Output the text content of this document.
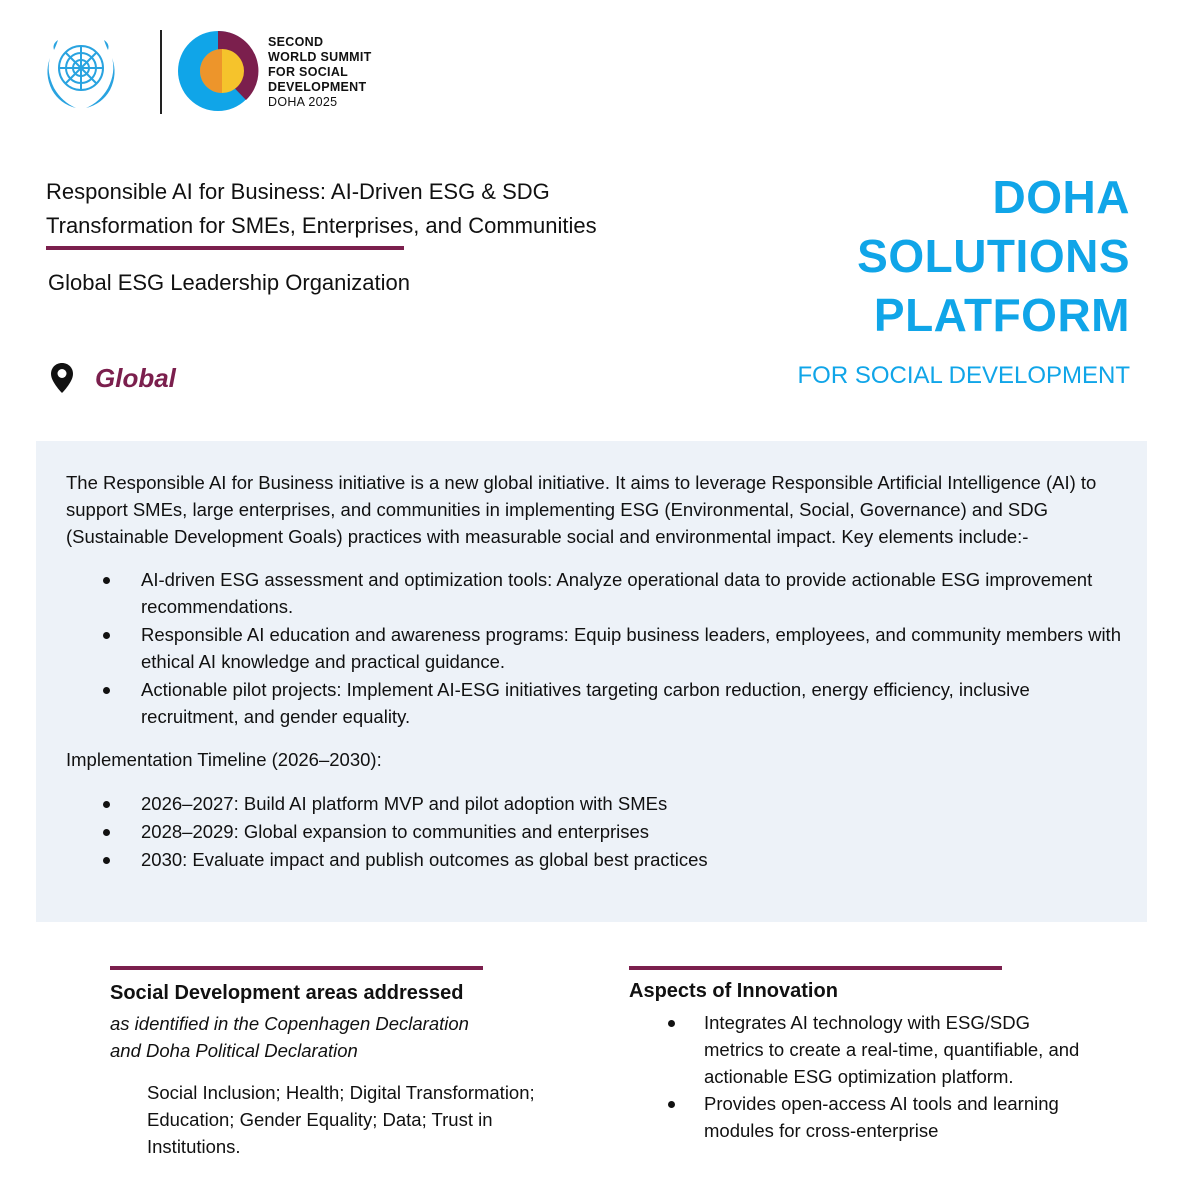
SECOND
WORLD SUMMIT
FOR SOCIAL
DEVELOPMENT
DOHA 2025
Responsible AI for Business: AI-Driven ESG & SDG
Transformation for SMEs, Enterprises, and Communities
Global ESG Leadership Organization
Global
DOHA
SOLUTIONS
PLATFORM
FOR SOCIAL DEVELOPMENT

The Responsible AI for Business initiative is a new global initiative. It aims to leverage Responsible Artificial Intelligence (AI) to support SMEs, large enterprises, and communities in implementing ESG (Environmental, Social, Governance) and SDG (Sustainable Development Goals) practices with measurable social and environmental impact. Key elements include:-

AI-driven ESG assessment and optimization tools: Analyze operational data to provide actionable ESG improvement recommendations.
Responsible AI education and awareness programs: Equip business leaders, employees, and community members with ethical AI knowledge and practical guidance.
Actionable pilot projects: Implement AI-ESG initiatives targeting carbon reduction, energy efficiency, inclusive recruitment, and gender equality.

Implementation Timeline (2026–2030):

2026–2027: Build AI platform MVP and pilot adoption with SMEs
2028–2029: Global expansion to communities and enterprises
2030: Evaluate impact and publish outcomes as global best practices
Social Development areas addressed
as identified in the Copenhagen Declaration
and Doha Political Declaration
Social Inclusion; Health; Digital Transformation; Education; Gender Equality; Data; Trust in Institutions.
Aspects of Innovation
Integrates AI technology with ESG/SDG metrics to create a real-time, quantifiable, and actionable ESG optimization platform.
Provides open-access AI tools and learning modules for cross-enterprise
